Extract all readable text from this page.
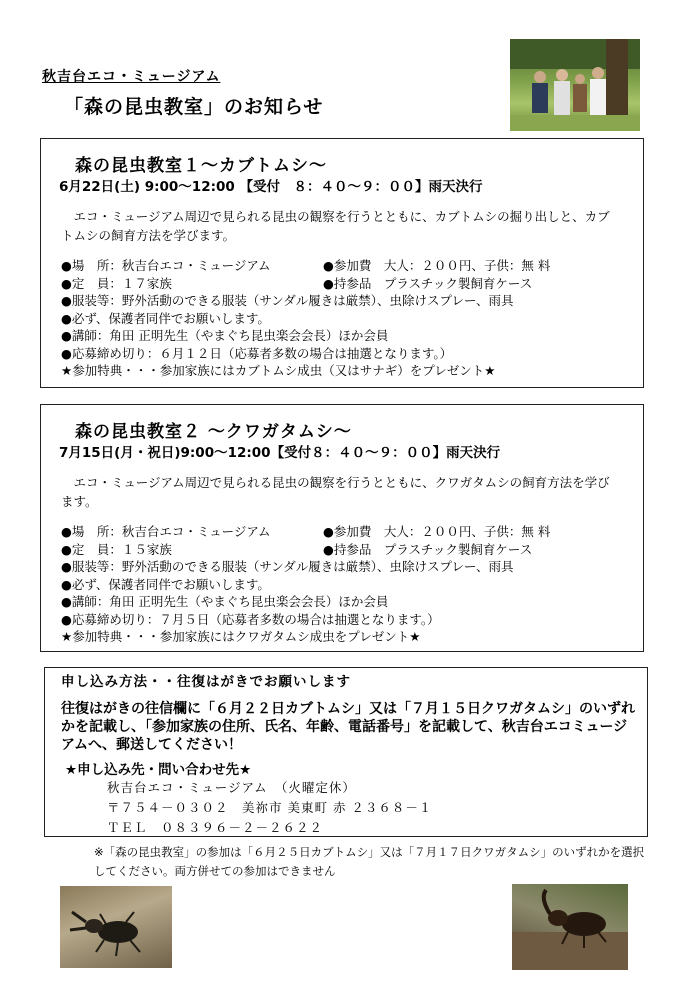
秋吉台エコ・ミュージアム
「森の昆虫教室」のお知らせ
森の昆虫教室１～カブトムシ～
6月22日(土) 9:00～12:00 【受付　８：４０～９：００】雨天決行
　エコ・ミュージアム周辺で見られる昆虫の観察を行うとともに、カブトムシの掘り出しと、カブトムシの飼育方法を学びます。
●場　所：秋吉台エコ・ミュージアム	●参加費　大人：２００円、子供：無 料
●定　員：１７家族	●持参品　プラスチック製飼育ケース
●服装等：野外活動のできる服装（サンダル履きは厳禁）、虫除けスプレー、雨具
●必ず、保護者同伴でお願いします。
●講師：角田 正明先生（やまぐち昆虫楽会会長）ほか会員
●応募締め切り：６月１２日（応募者多数の場合は抽選となります。）
★参加特典・・・参加家族にはカブトムシ成虫（又はサナギ）をプレゼント★
森の昆虫教室２ ～クワガタムシ～
7月15日(月・祝日)9:00～12:00【受付８：４０～９：００】雨天決行
　エコ・ミュージアム周辺で見られる昆虫の観察を行うとともに、クワガタムシの飼育方法を学びます。
●場　所：秋吉台エコ・ミュージアム	●参加費　大人：２００円、子供：無 料
●定　員：１５家族	●持参品　プラスチック製飼育ケース
●服装等：野外活動のできる服装（サンダル履きは厳禁）、虫除けスプレー、雨具
●必ず、保護者同伴でお願いします。
●講師：角田 正明先生（やまぐち昆虫楽会会長）ほか会員
●応募締め切り：７月５日（応募者多数の場合は抽選となります。）
★参加特典・・・参加家族にはクワガタムシ成虫をプレゼント★
申し込み方法・・往復はがきでお願いします
往復はがきの往信欄に「６月２２日カブトムシ」又は「７月１５日クワガタムシ」のいずれかを記載し、「参加家族の住所、氏名、年齢、電話番号」を記載して、秋吉台エコミュージアムへ、郵送してください！
★申し込み先・問い合わせ先★
秋吉台エコ・ミュージアム　（火曜定休）
〒７５４－０３０２　美祢市 美東町 赤 ２３６８－１
ＴＥＬ　０８３９６－２－２６２２
※「森の昆虫教室」の参加は「６月２５日カブトムシ」又は「７月１７日クワガタムシ」のいずれかを選択してください。両方併せての参加はできません
